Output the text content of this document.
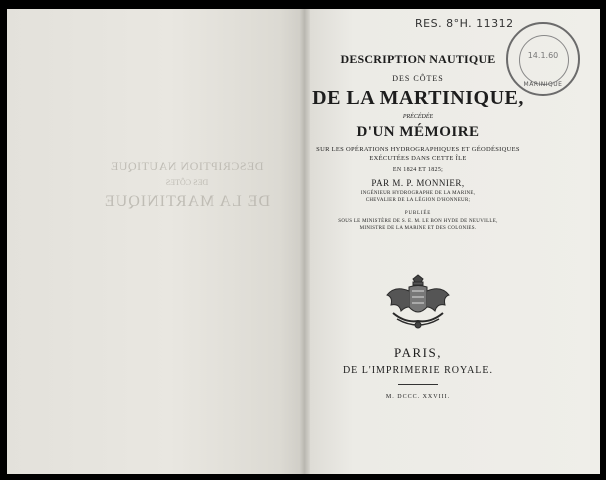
DESCRIPTION NAUTIQUE
DES CÔTES
DE LA MARTINIQUE
RES. 8°H. 11312
14.1.60
MARINIQUE
DESCRIPTION NAUTIQUE
DES CÔTES
DE LA MARTINIQUE,
PRÉCÉDÉE
D'UN MÉMOIRE
SUR LES OPÉRATIONS HYDROGRAPHIQUES ET GÉODÉSIQUES
EXÉCUTÉES DANS CETTE ÎLE
EN 1824 ET 1825;
PAR M. P. MONNIER,
INGÉNIEUR HYDROGRAPHE DE LA MARINE,
CHEVALIER DE LA LÉGION D'HONNEUR;
PUBLIÉE
SOUS LE MINISTÈRE DE S. E. M. LE BON HYDE DE NEUVILLE,
MINISTRE DE LA MARINE ET DES COLONIES.
PARIS,
DE L'IMPRIMERIE ROYALE.
M. DCCC. XXVIII.
